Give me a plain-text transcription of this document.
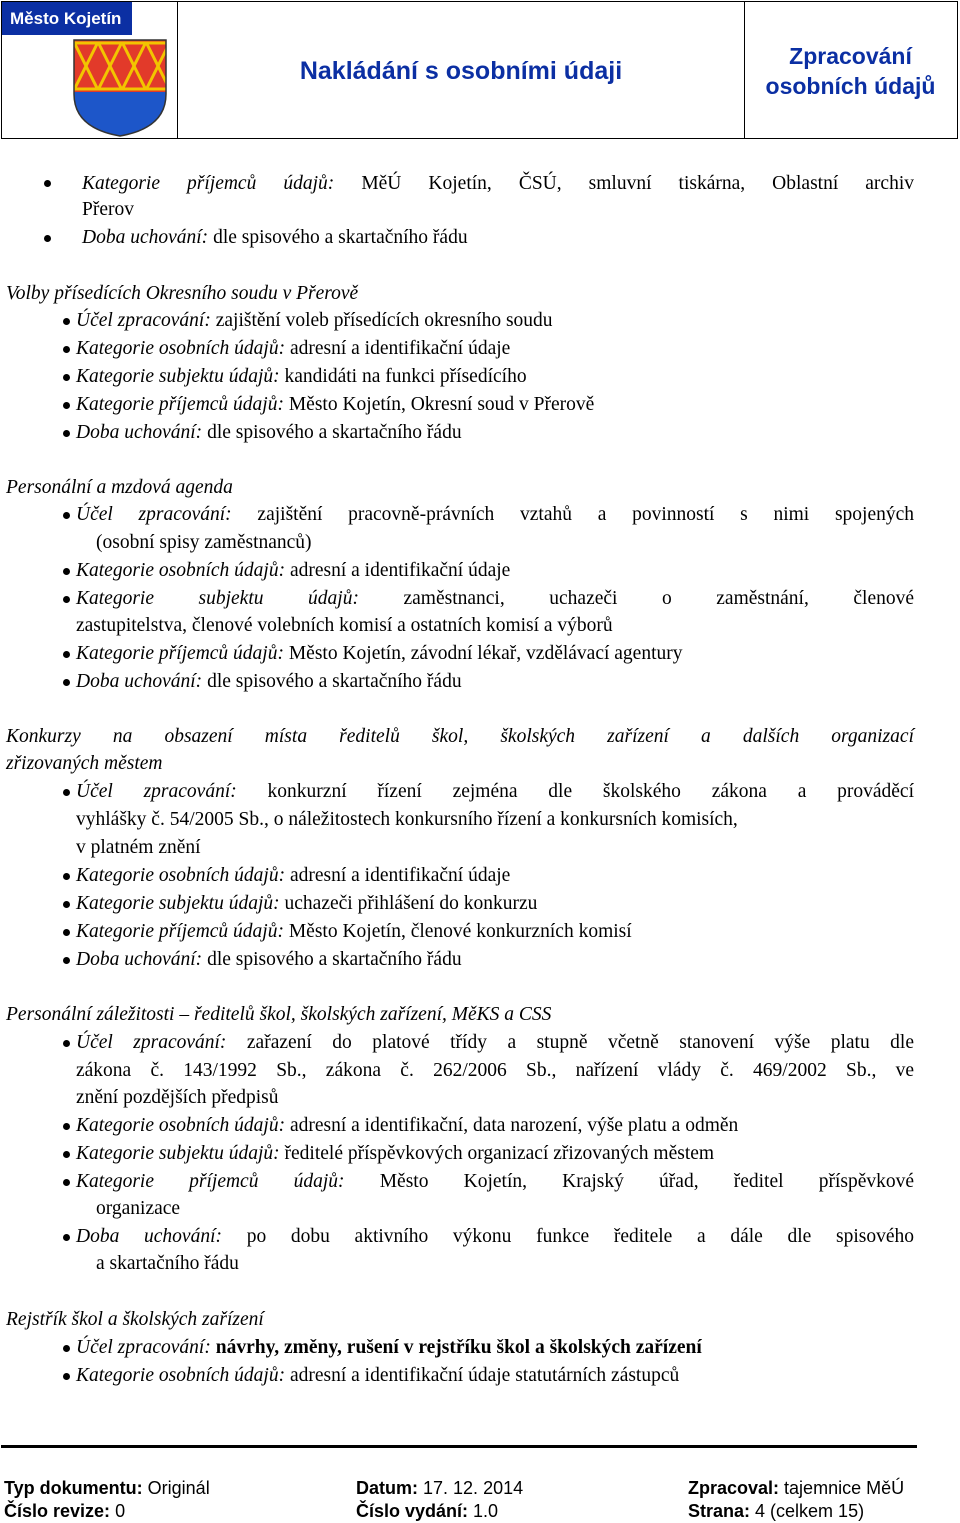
Město Kojetín
Nakládání s osobními údaji
Zpracování
osobních údajů
Kategorie příjemců údajů: MěÚ Kojetín, ČSÚ, smluvní tiskárna, Oblastní archiv
Přerov
Doba uchování: dle spisového a skartačního řádu
Volby přísedících Okresního soudu v Přerově
Účel zpracování: zajištění voleb přísedících okresního soudu
Kategorie osobních údajů: adresní a identifikační údaje
Kategorie subjektu údajů: kandidáti na funkci přísedícího
Kategorie příjemců údajů: Město Kojetín, Okresní soud v Přerově
Doba uchování: dle spisového a skartačního řádu
Personální a mzdová agenda
Účel zpracování: zajištění pracovně-právních vztahů a povinností s nimi spojených
(osobní spisy zaměstnanců)
Kategorie osobních údajů: adresní a identifikační údaje
Kategorie subjektu údajů: zaměstnanci, uchazeči o zaměstnání, členové
zastupitelstva, členové volebních komisí a ostatních komisí a výborů
Kategorie příjemců údajů: Město Kojetín, závodní lékař, vzdělávací agentury
Doba uchování: dle spisového a skartačního řádu
Konkurzy na obsazení místa ředitelů škol, školských zařízení a dalších organizací
zřizovaných městem
Účel zpracování: konkurzní řízení zejména dle školského zákona a prováděcí
vyhlášky č. 54/2005 Sb., o náležitostech konkursního řízení a konkursních komisích,
v platném znění
Kategorie osobních údajů: adresní a identifikační údaje
Kategorie subjektu údajů: uchazeči přihlášení do konkurzu
Kategorie příjemců údajů: Město Kojetín, členové konkurzních komisí
Doba uchování: dle spisového a skartačního řádu
Personální záležitosti – ředitelů škol, školských zařízení, MěKS a CSS
Účel zpracování: zařazení do platové třídy a stupně včetně stanovení výše platu dle
zákona č. 143/1992 Sb., zákona č. 262/2006 Sb., nařízení vlády č. 469/2002 Sb., ve
znění pozdějších předpisů
Kategorie osobních údajů: adresní a identifikační, data narození, výše platu a odměn
Kategorie subjektu údajů: ředitelé příspěvkových organizací zřizovaných městem
Kategorie příjemců údajů: Město Kojetín, Krajský úřad, ředitel příspěvkové
organizace
Doba uchování: po dobu aktivního výkonu funkce ředitele a dále dle spisového
a skartačního řádu
Rejstřík škol a školských zařízení
Účel zpracování: návrhy, změny, rušení v rejstříku škol a školských zařízení
Kategorie osobních údajů: adresní a identifikační údaje statutárních zástupců
Typ dokumentu: Originál	Datum: 17. 12. 2014	Zpracoval: tajemnice MěÚ
Číslo revize: 0	Číslo vydání: 1.0	Strana: 4 (celkem 15)
